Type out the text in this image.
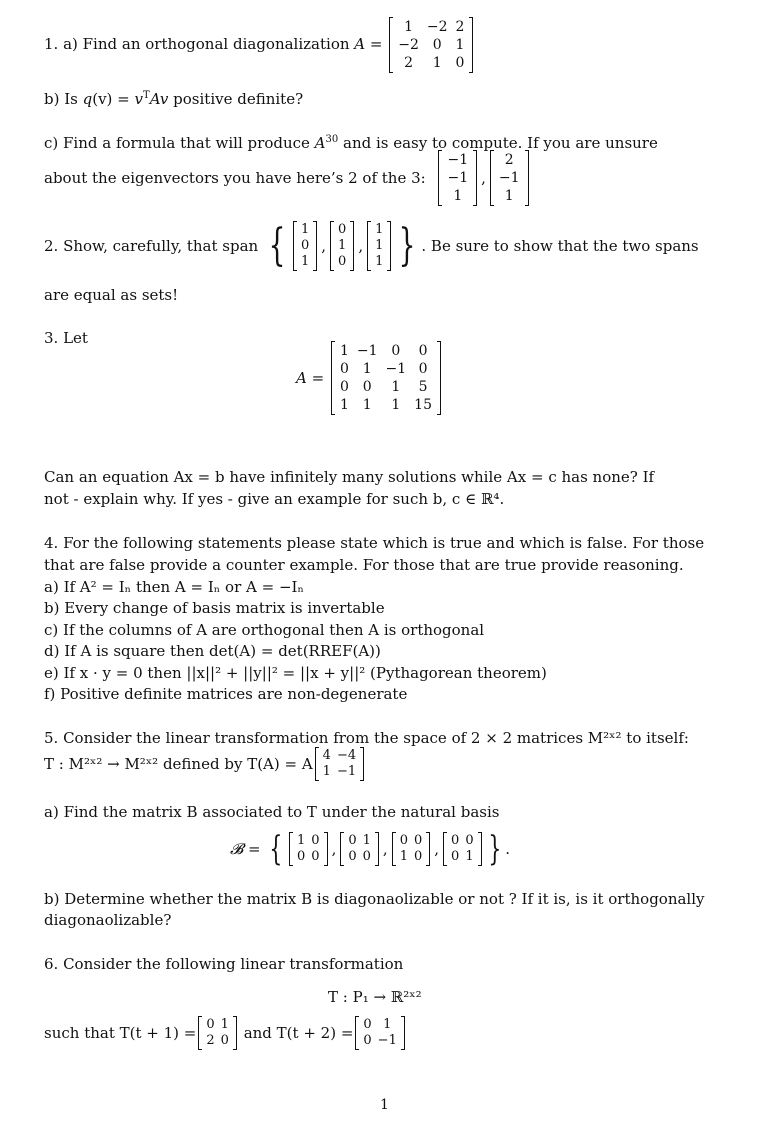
1. a) Find an orthogonal diagonalization A =
1	−2	2
−2	0	1
2	1	0
b) Is $q(v) = v^TAv$ positive definite?
c) Find a formula that will produce $A^{30}$ and is easy to compute. If you are unsure
about the eigenvectors you have here’s 2 of the 3:
−1
−1
1
,
2
−1
1
2. Show, carefully, that span { 1
0
1
,
0
1
0
,
1
1
1 } . Be sure to show that the two spans
are equal as sets!
3. Let
A =
1	−1	0	0
0	1	−1	0
0	0	1	5
1	1	1	15
Can an equation Ax = b have infinitely many solutions while Ax = c has none? If
not - explain why. If yes - give an example for such b, c ∈ ℝ⁴.
4. For the following statements please state which is true and which is false. For those
that are false provide a counter example. For those that are true provide reasoning.
a) If A² = Iₙ then A = Iₙ or A = −Iₙ
b) Every change of basis matrix is invertable
c) If the columns of A are orthogonal then A is orthogonal
d) If A is square then det(A) = det(RREF(A))
e) If x · y = 0 then ||x||² + ||y||² = ||x + y||² (Pythagorean theorem)
f) Positive definite matrices are non-degenerate
5. Consider the linear transformation from the space of 2 × 2 matrices M²ˣ² to itself:
T : M²ˣ² → M²ˣ² defined by T(A) = A 4	−4
1	−1
a) Find the matrix B associated to T under the natural basis
𝓑 = { 1	0
0	0 , 0	1
0	0 , 0	0
1	0 , 0	0
0	1 } .
b) Determine whether the matrix B is diagonaolizable or not ? If it is, is it orthogonally
diagonaolizable?
6. Consider the following linear transformation
T : P₁ → ℝ²ˣ²
such that T(t + 1) = 0	1
2	0 and T(t + 2) = 0	1
0	−1
1
